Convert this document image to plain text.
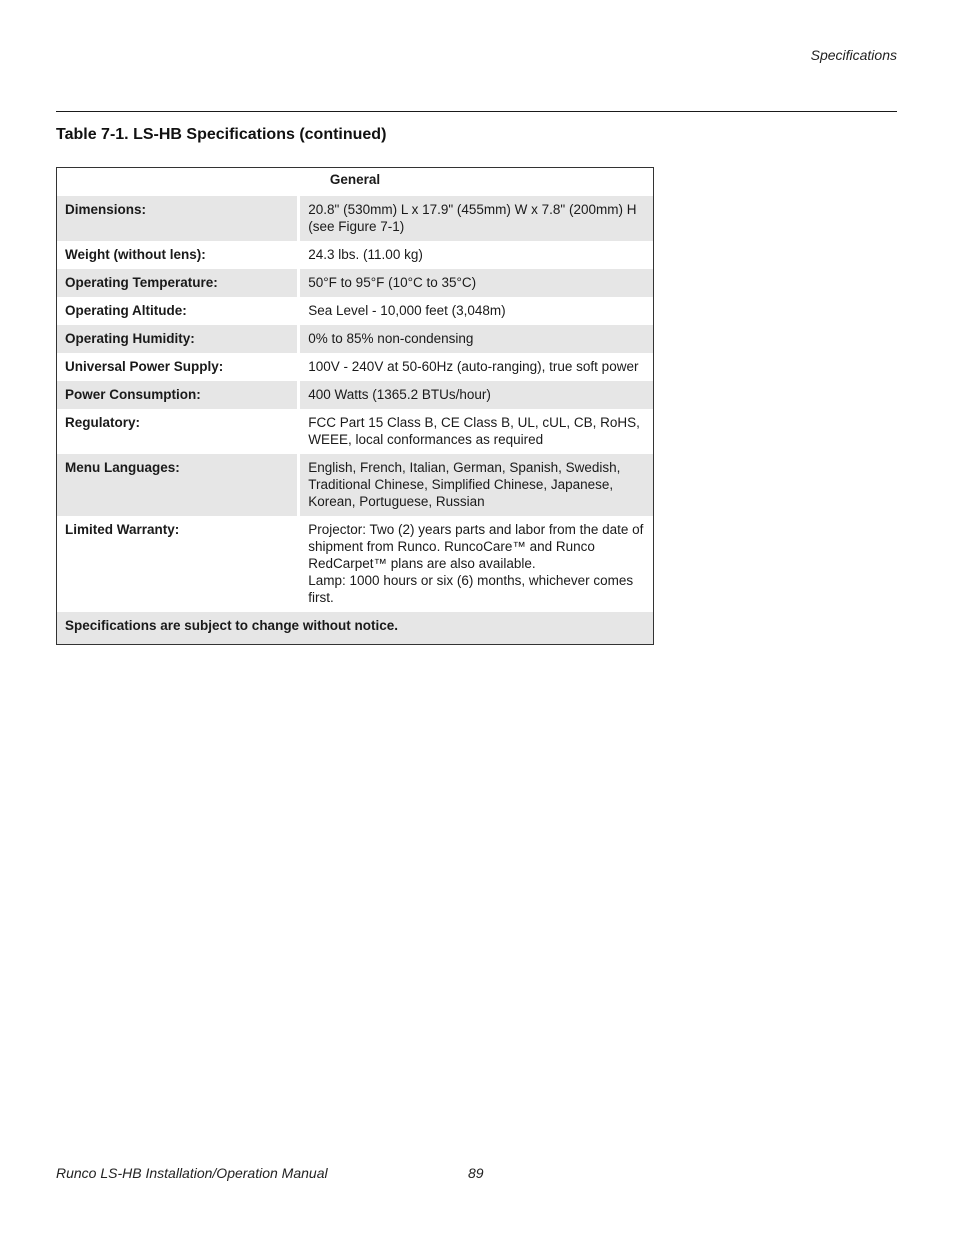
Specifications
Table 7-1. LS-HB Specifications (continued)
General	
Dimensions:	20.8" (530mm) L x 17.9" (455mm) W x 7.8" (200mm) H (see Figure 7-1)

Weight (without lens):	24.3 lbs. (11.00 kg)

Operating Temperature:	50°F to 95°F (10°C to 35°C)

Operating Altitude:	Sea Level - 10,000 feet (3,048m)

Operating Humidity:	0% to 85% non-condensing

Universal Power Supply:	100V - 240V at 50-60Hz (auto-ranging), true soft power

Power Consumption:	400 Watts (1365.2 BTUs/hour)

Regulatory:	FCC Part 15 Class B, CE Class B, UL, cUL, CB, RoHS, WEEE, local conformances as required

Menu Languages:	English, French, Italian, German, Spanish, Swedish, Traditional Chinese, Simplified Chinese, Japanese, Korean, Portuguese, Russian

Limited Warranty:	Projector: Two (2) years parts and labor from the date of shipment from Runco. RuncoCare™ and Runco RedCarpet™ plans are also available.
Lamp: 1000 hours or six (6) months, whichever comes first.

Specifications are subject to change without notice.	
Runco LS-HB Installation/Operation Manual	89
